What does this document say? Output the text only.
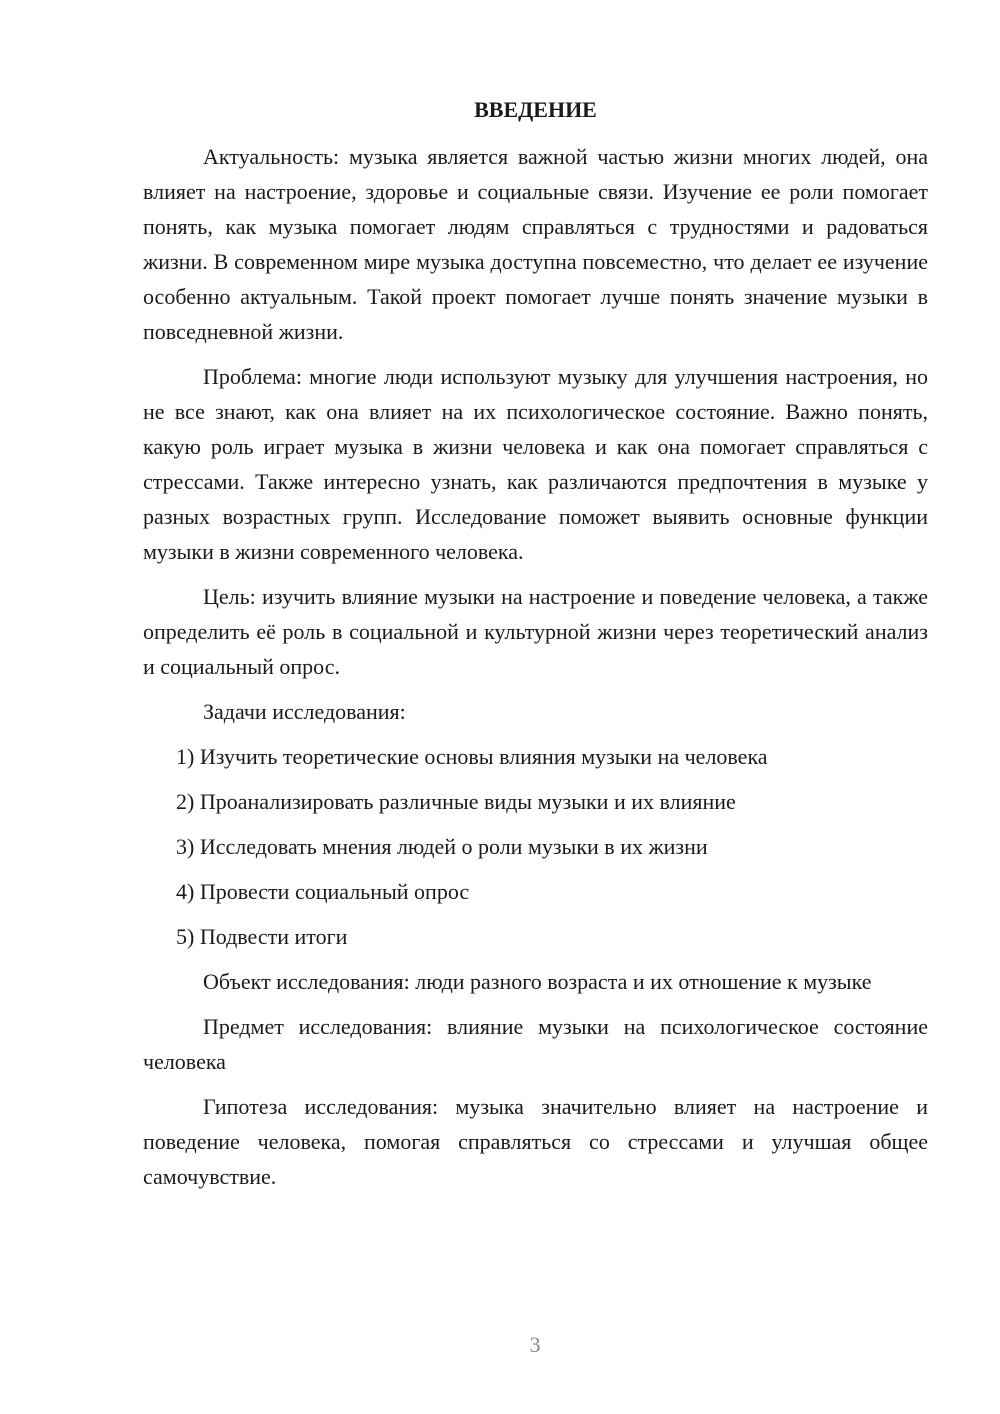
ВВЕДЕНИЕ

Актуальность: музыка является важной частью жизни многих людей, она влияет на настроение, здоровье и социальные связи. Изучение ее роли помогает понять, как музыка помогает людям справляться с трудностями и радоваться жизни. В современном мире музыка доступна повсеместно, что делает ее изучение особенно актуальным. Такой проект помогает лучше понять значение музыки в повседневной жизни.

Проблема: многие люди используют музыку для улучшения настроения, но не все знают, как она влияет на их психологическое состояние. Важно понять, какую роль играет музыка в жизни человека и как она помогает справляться с стрессами. Также интересно узнать, как различаются предпочтения в музыке у разных возрастных групп. Исследование поможет выявить основные функции музыки в жизни современного человека.

Цель: изучить влияние музыки на настроение и поведение человека, а также определить её роль в социальной и культурной жизни через теоретический анализ и социальный опрос.

Задачи исследования:

1) Изучить теоретические основы влияния музыки на человека
2) Проанализировать различные виды музыки и их влияние
3) Исследовать мнения людей о роли музыки в их жизни
4) Провести социальный опрос
5) Подвести итоги

Объект исследования: люди разного возраста и их отношение к музыке

Предмет исследования: влияние музыки на психологическое состояние человека

Гипотеза исследования: музыка значительно влияет на настроение и поведение человека, помогая справляться со стрессами и улучшая общее самочувствие.

3
